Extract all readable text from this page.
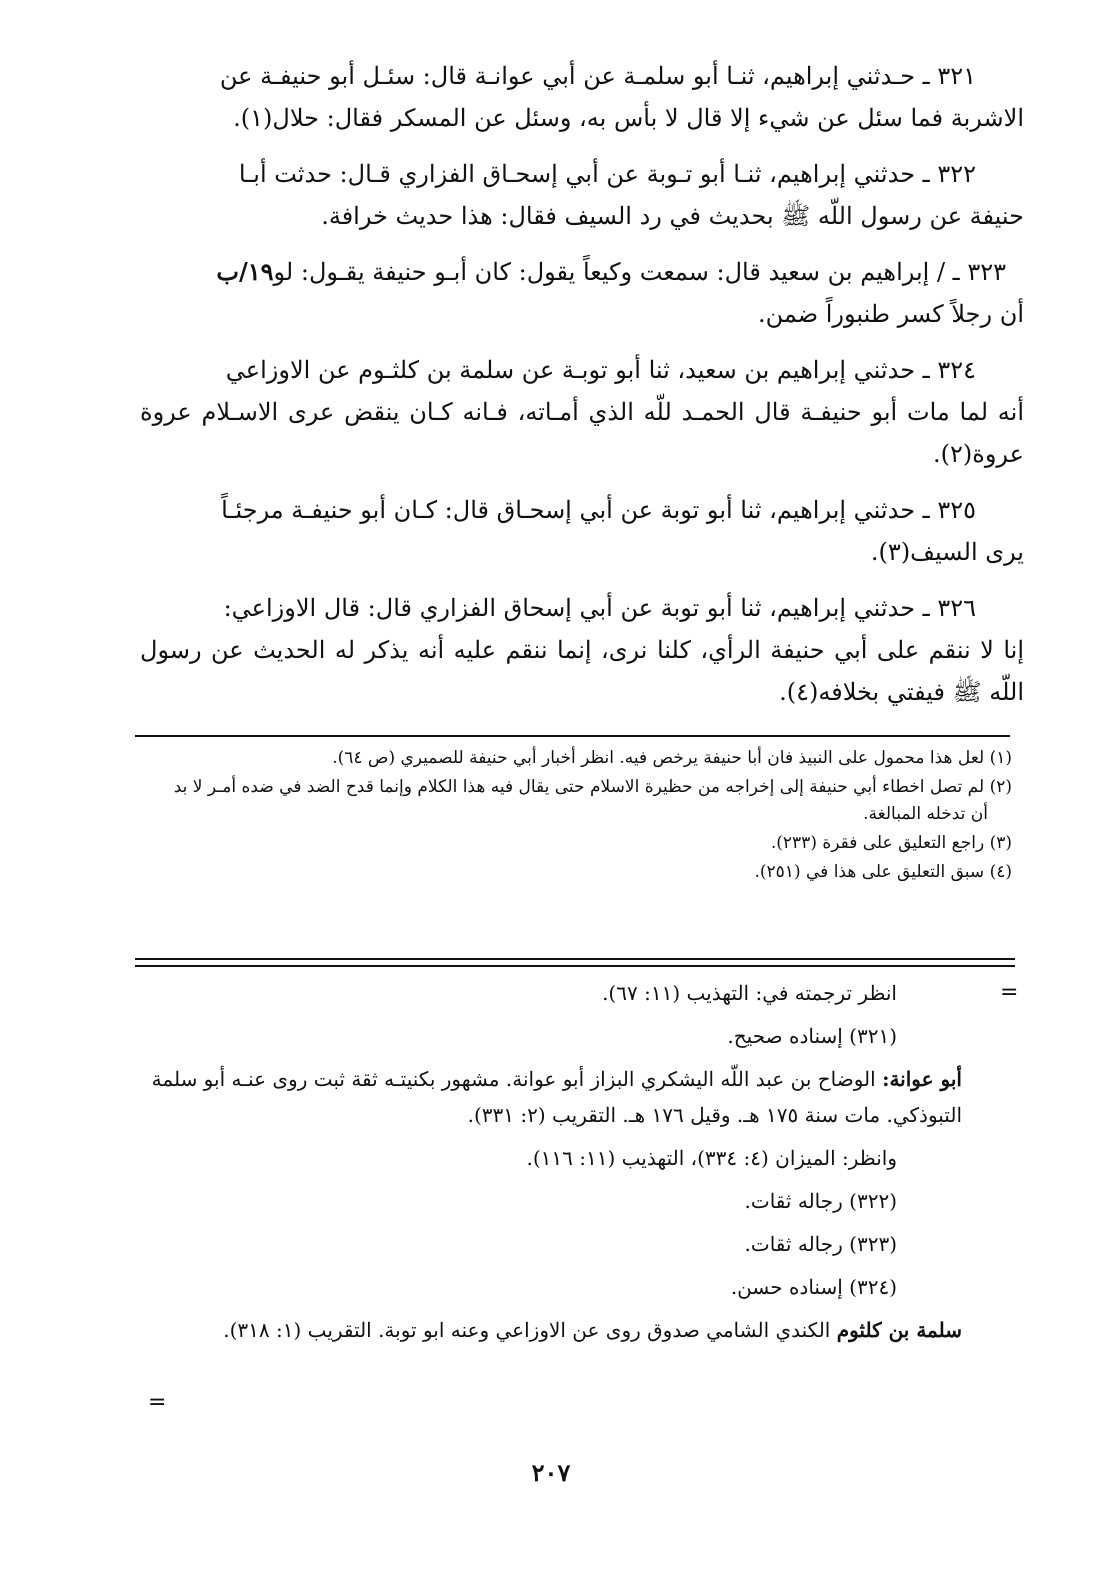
٣٢١ ـ حـدثني إبراهيم، ثنـا أبو سلمـة عن أبي عوانـة قال: سئـل أبو حنيفـة عن
الاشربة فما سئل عن شيء إلا قال لا بأس به، وسئل عن المسكر فقال: حلال(١).

٣٢٢ ـ حدثني إبراهيم، ثنـا أبو تـوبة عن أبي إسحـاق الفزاري قـال: حدثت أبـا
حنيفة عن رسول اللّه ﷺ بحديث في رد السيف فقال: هذا حديث خرافة.

٣٢٣ ـ / إبراهيم بن سعيد قال: سمعت وكيعاً يقول: كان أبـو حنيفة يقـول: لو١٩/ب
أن رجلاً كسر طنبوراً ضمن.

٣٢٤ ـ حدثني إبراهيم بن سعيد، ثنا أبو توبـة عن سلمة بن كلثـوم عن الاوزاعي
أنه لما مات أبو حنيفـة قال الحمـد للّه الذي أمـاته، فـانه كـان ينقض عرى الاسـلام عروة عروة(٢).

٣٢٥ ـ حدثني إبراهيم، ثنا أبو توبة عن أبي إسحـاق قال: كـان أبو حنيفـة مرجئـاً
يرى السيف(٣).

٣٢٦ ـ حدثني إبراهيم، ثنا أبو توبة عن أبي إسحاق الفزاري قال: قال الاوزاعي:
إنا لا ننقم على أبي حنيفة الرأي، كلنا نرى، إنما ننقم عليه أنه يذكر له الحديث عن رسول اللّه ﷺ فيفتي بخلافه(٤).

(١) لعل هذا محمول على النبيذ فان أبا حنيفة يرخص فيه. انظر أخبار أبي حنيفة للصميري (ص ٦٤).

(٢) لم تصل اخطاء أبي حنيفة إلى إخراجه من حظيرة الاسلام حتى يقال فيه هذا الكلام وإنما قدح الضد في ضده أمـر لا بد
أن تدخله المبالغة.

(٣) راجع التعليق على فقرة (٢٣٣).

(٤) سبق التعليق على هذا في (٢٥١).

=

انظر ترجمته في: التهذيب (١١: ٦٧).

(٣٢١) إسناده صحيح.

أبو عوانة: الوضاح بن عبد اللّه اليشكري البزاز أبو عوانة. مشهور بكنيتـه ثقة ثبت روى عنـه أبو سلمة التبوذكي. مات سنة ١٧٥ هـ. وقيل ١٧٦ هـ. التقريب (٢: ٣٣١).

وانظر: الميزان (٤: ٣٣٤)، التهذيب (١١: ١١٦).

(٣٢٢) رجاله ثقات.

(٣٢٣) رجاله ثقات.

(٣٢٤) إسناده حسن.

سلمة بن كلثوم الكندي الشامي صدوق روى عن الاوزاعي وعنه ابو توبة. التقريب (١: ٣١٨).

=
٢٠٧
